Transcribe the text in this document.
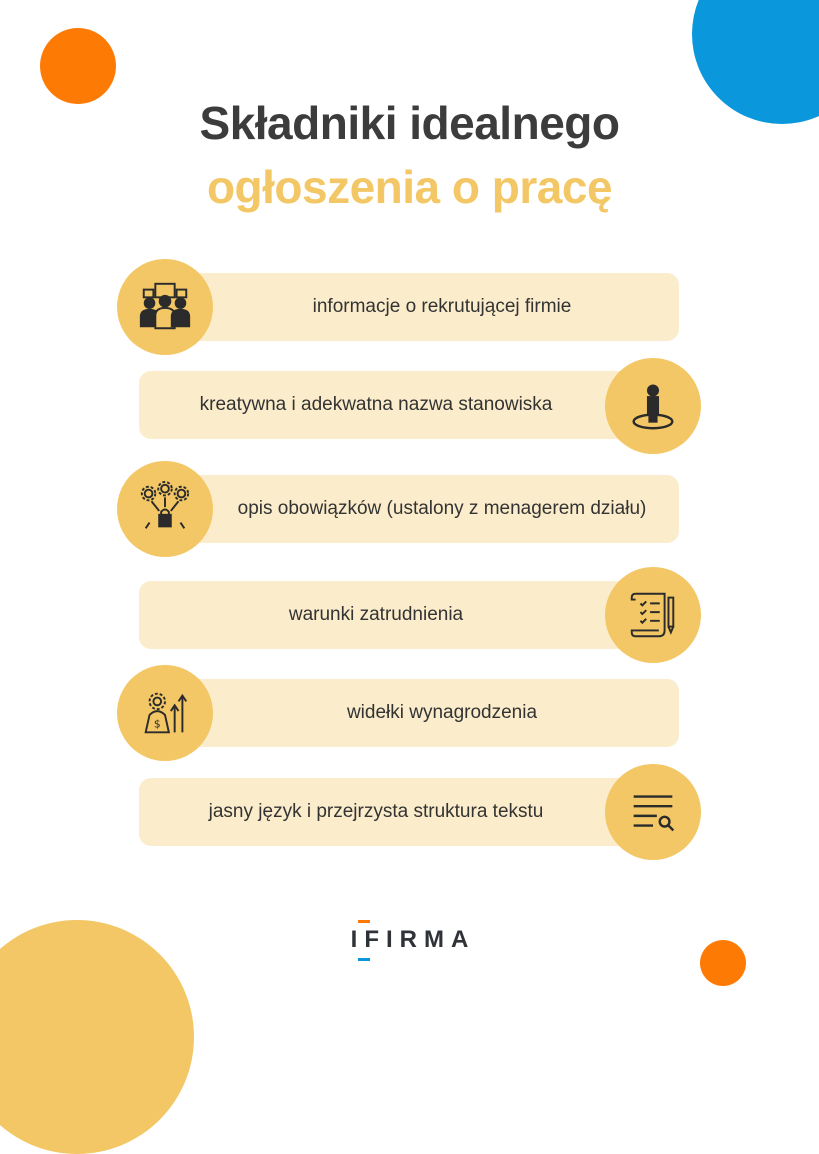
Składniki idealnego
ogłoszenia o pracę
informacje o rekrutującej firmie
kreatywna i adekwatna nazwa stanowiska
opis obowiązków (ustalony z menagerem działu)
warunki zatrudnienia
widełki wynagrodzenia
$
jasny język i przejrzysta struktura tekstu
IFIRMA
